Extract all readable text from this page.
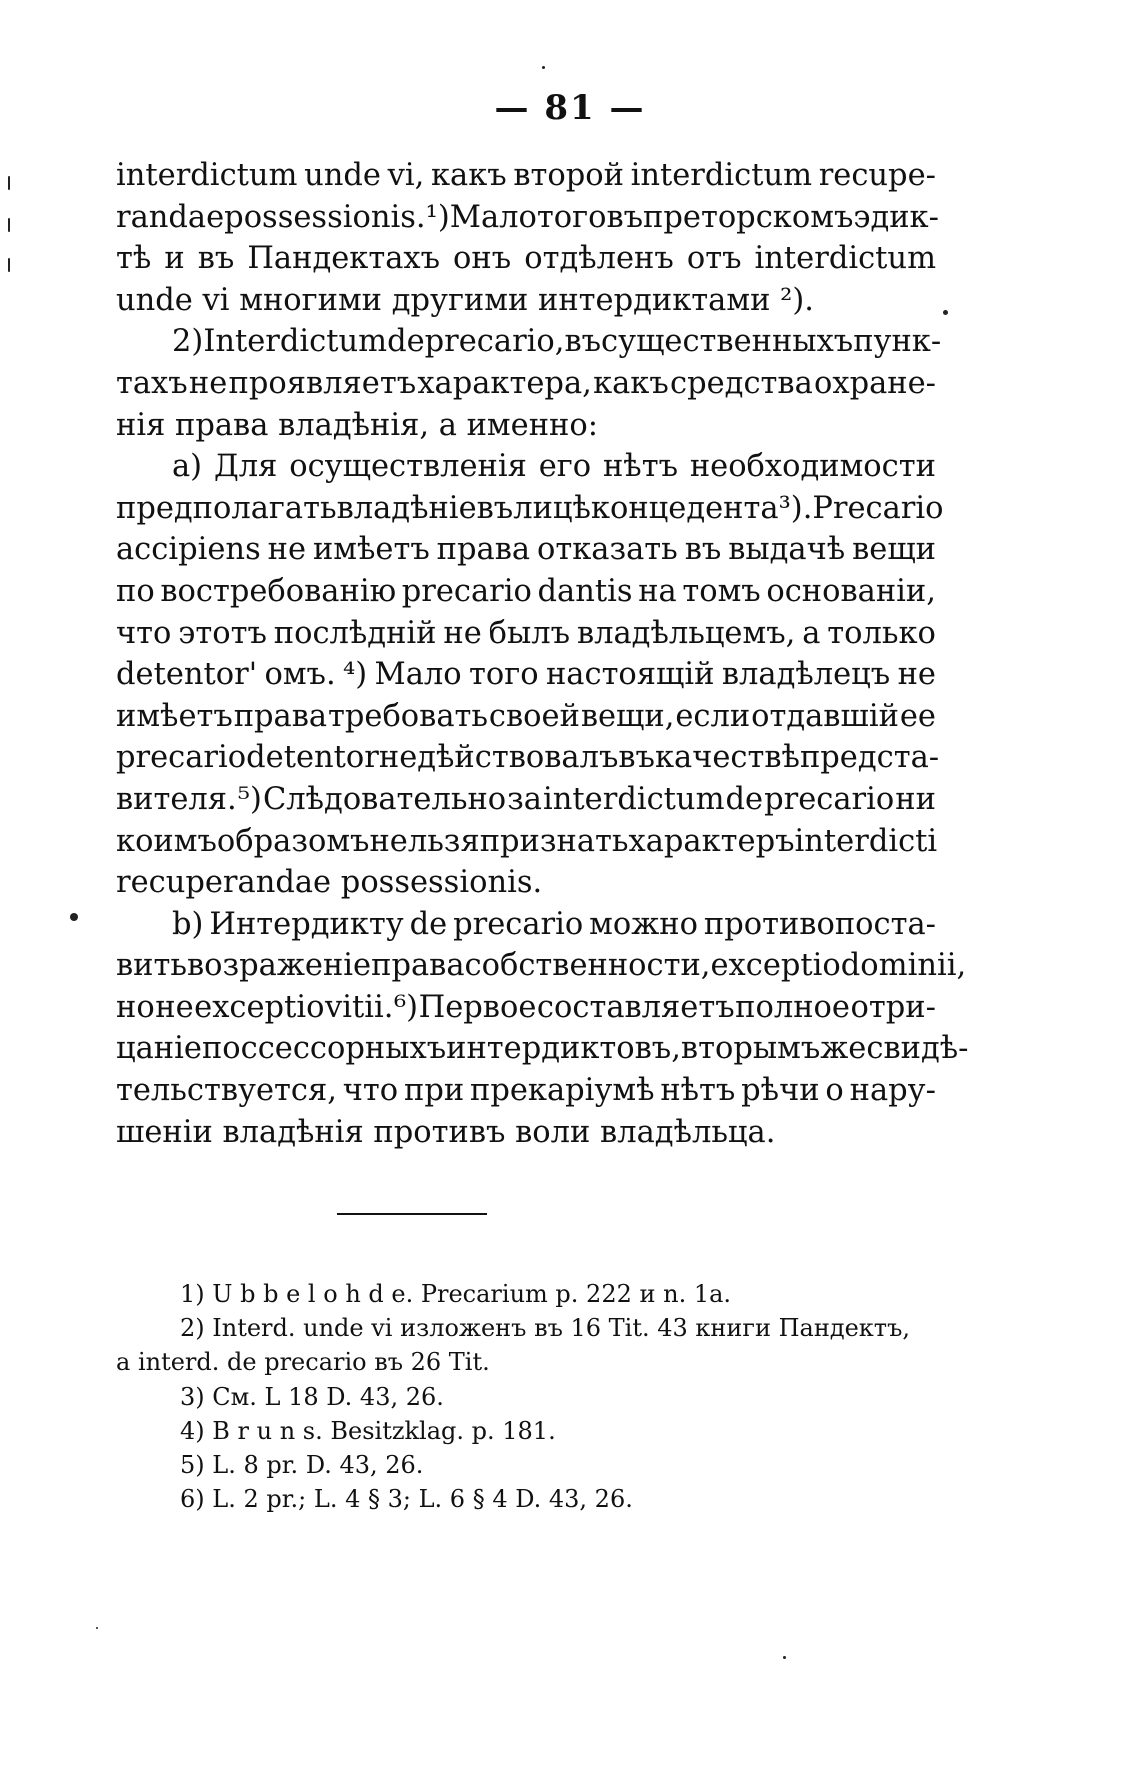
— 81 —
interdictum unde vi, какъ второй interdictum recupe-
randae possessionis. ¹) Мало того въ преторскомъ эдик-
тѣ и въ Пандектахъ онъ отдѣленъ отъ interdictum
unde vi многими другими интердиктами ²).
2) Interdictum de precario, въ существенныхъ пунк-
тахъ не проявляетъ характера, какъ средства охране-
нія права владѣнія, а именно:
a) Для осуществленія его нѣтъ необходимости
предполагать владѣніе въ лицѣ концедента ³). Precario
accipiens не имѣетъ права отказать въ выдачѣ вещи
по востребованію precario dantis на томъ основаніи,
что этотъ послѣдній не былъ владѣльцемъ, а только
detentor' омъ. ⁴) Мало того настоящій владѣлецъ не
имѣетъ права требовать своей вещи, если отдавшій ее
precario detentor не дѣйствовалъ въ качествѣ предста-
вителя. ⁵) Слѣдовательно за interdictum de precario ни
коимъ образомъ нельзя признать характеръ interdicti
recuperandae possessionis.
b) Интердикту de precario можно противопоста-
вить возраженіе права собственности, exceptio dominii,
но не exceptio vitii. ⁶) Первое составляетъ полное отри-
цаніе поссессорныхъ интердиктовъ, вторымъ же свидѣ-
тельствуется, что при прекаріумѣ нѣтъ рѣчи о нару-
шеніи владѣнія противъ воли владѣльца.
1) U b b e l o h d e. Precarium p. 222 и n. 1a.
2) Interd. unde vi изложенъ въ 16 Tit. 43 книги Пандектъ,
a interd. de precario въ 26 Tit.
3) См. L 18 D. 43, 26.
4) B r u n s. Besitzklag. p. 181.
5) L. 8 pr. D. 43, 26.
6) L. 2 pr.; L. 4 § 3; L. 6 § 4 D. 43, 26.
